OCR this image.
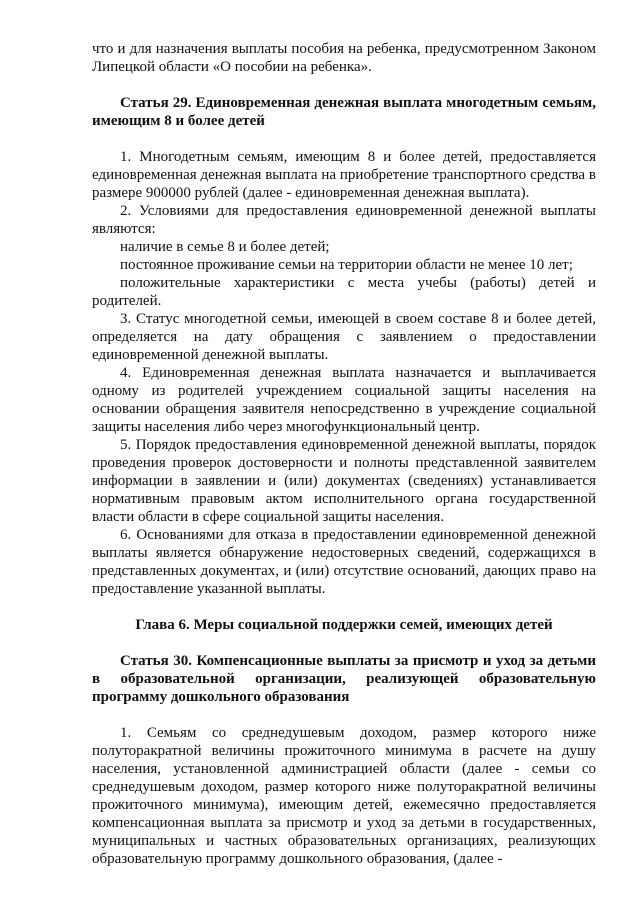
что и для назначения выплаты пособия на ребенка, предусмотренном Законом Липецкой области «О пособии на ребенка».

Статья 29. Единовременная денежная выплата многодетным семьям, имеющим 8 и более детей

1. Многодетным семьям, имеющим 8 и более детей, предоставляется единовременная денежная выплата на приобретение транспортного средства в размере 900000 рублей (далее - единовременная денежная выплата).

2. Условиями для предоставления единовременной денежной выплаты являются:

наличие в семье 8 и более детей;

постоянное проживание семьи на территории области не менее 10 лет;

положительные характеристики с места учебы (работы) детей и родителей.

3. Статус многодетной семьи, имеющей в своем составе 8 и более детей, определяется на дату обращения с заявлением о предоставлении единовременной денежной выплаты.

4. Единовременная денежная выплата назначается и выплачивается одному из родителей учреждением социальной защиты населения на основании обращения заявителя непосредственно в учреждение социальной защиты населения либо через многофункциональный центр.

5. Порядок предоставления единовременной денежной выплаты, порядок проведения проверок достоверности и полноты представленной заявителем информации в заявлении и (или) документах (сведениях) устанавливается нормативным правовым актом исполнительного органа государственной власти области в сфере социальной защиты населения.

6. Основаниями для отказа в предоставлении единовременной денежной выплаты является обнаружение недостоверных сведений, содержащихся в представленных документах, и (или) отсутствие оснований, дающих право на предоставление указанной выплаты.

Глава 6. Меры социальной поддержки семей, имеющих детей

Статья 30. Компенсационные выплаты за присмотр и уход за детьми в образовательной организации, реализующей образовательную программу дошкольного образования

1. Семьям со среднедушевым доходом, размер которого ниже полуторакратной величины прожиточного минимума в расчете на душу населения, установленной администрацией области (далее - семьи со среднедушевым доходом, размер которого ниже полуторакратной величины прожиточного минимума), имеющим детей, ежемесячно предоставляется компенсационная выплата за присмотр и уход за детьми в государственных, муниципальных и частных образовательных организациях, реализующих образовательную программу дошкольного образования, (далее -
